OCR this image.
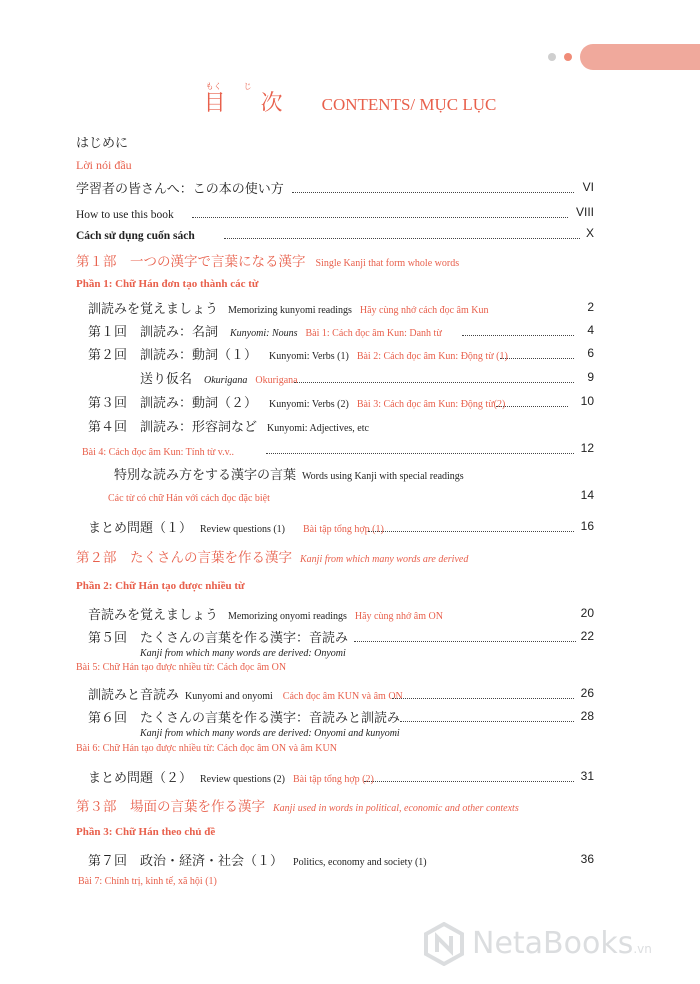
もく
目
じ
次 CONTENTS/ MỤC LỤC
はじめに
Lời nói đầu
学習者の皆さんへ：この本の使い方	VI
How to use this book	VIII
Cách sử dụng cuốn sách	X
第１部　一つの漢字で言葉になる漢字 Single Kanji that form whole words
Phần 1: Chữ Hán đơn tạo thành các từ
訓読みを覚えましょう Memorizing kunyomi readings Hãy cùng nhớ cách đọc âm Kun	2
第１回　訓読み：名詞 Kunyomi: Nouns Bài 1: Cách đọc âm Kun: Danh từ	4
第２回　訓読み：動詞（１） Kunyomi: Verbs (1) Bài 2: Cách đọc âm Kun: Động từ (1)	6
送り仮名 Okurigana Okurigana	9
第３回　訓読み：動詞（２） Kunyomi: Verbs (2) Bài 3: Cách đọc âm Kun: Động từ(2)	10
第４回　訓読み：形容詞など Kunyomi: Adjectives, etc
Bài 4: Cách đọc âm Kun: Tính từ v.v..	12
特別な読み方をする漢字の言葉 Words using Kanji with special readings
Các từ có chữ Hán với cách đọc đặc biệt	14
まとめ問題（１） Review questions (1) Bài tập tổng hợp (1)	16
第２部　たくさんの言葉を作る漢字 Kanji from which many words are derived
Phần 2: Chữ Hán tạo được nhiều từ
音読みを覚えましょう Memorizing onyomi readings Hãy cùng nhớ âm ON	20
第５回　たくさんの言葉を作る漢字：音読み	22
Kanji from which many words are derived: Onyomi
Bài 5: Chữ Hán tạo được nhiều từ: Cách đọc âm ON
訓読みと音読み Kunyomi and onyomi Cách đọc âm KUN và âm ON	26
第６回　たくさんの言葉を作る漢字：音読みと訓読み	28
Kanji from which many words are derived: Onyomi and kunyomi
Bài 6: Chữ Hán tạo được nhiều từ: Cách đọc âm ON và âm KUN
まとめ問題（２） Review questions (2) Bài tập tổng hợp (2)	31
第３部　場面の言葉を作る漢字 Kanji used in words in political, economic and other contexts
Phần 3: Chữ Hán theo chủ đề
第７回　政治・経済・社会（１） Politics, economy and society (1)	36
Bài 7: Chính trị, kinh tế, xã hội (1)
NetaBooks.vn
